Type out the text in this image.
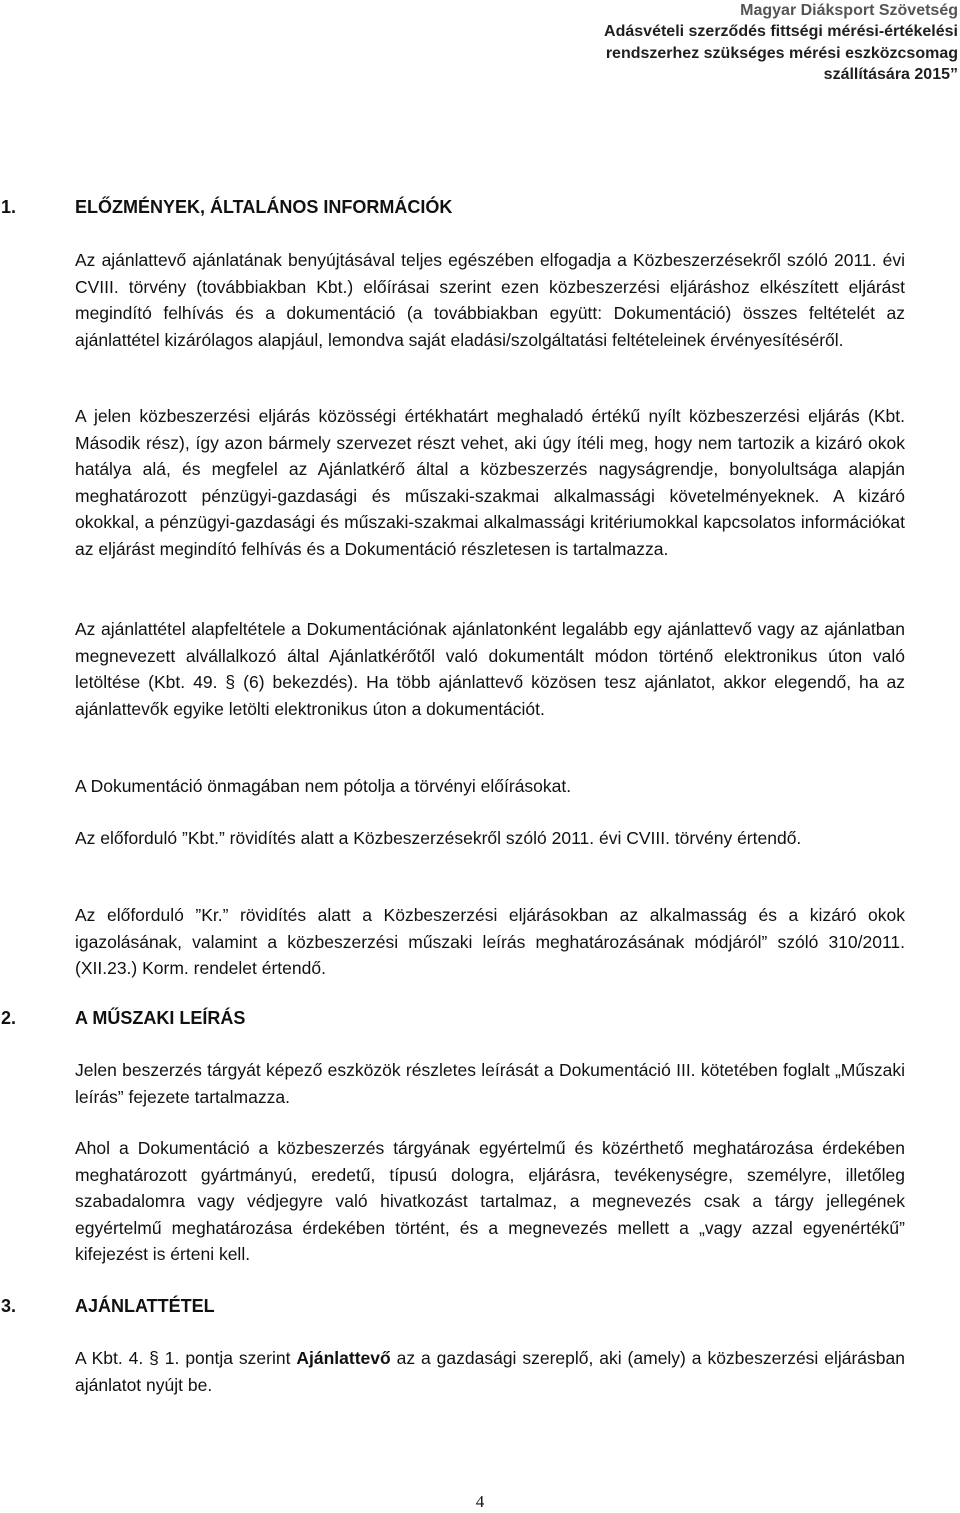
Magyar Diáksport Szövetség
Adásvételi szerződés fittségi mérési-értékelési
rendszerhez szükséges mérési eszközcsomag
szállítására 2015”
1.	ELŐZMÉNYEK, ÁLTALÁNOS INFORMÁCIÓK

Az ajánlattevő ajánlatának benyújtásával teljes egészében elfogadja a Közbeszerzésekről szóló 2011. évi CVIII. törvény (továbbiakban Kbt.) előírásai szerint ezen közbeszerzési eljáráshoz elkészített eljárást megindító felhívás és a dokumentáció (a továbbiakban együtt: Dokumentáció) összes feltételét az ajánlattétel kizárólagos alapjául, lemondva saját eladási/szolgáltatási feltételeinek érvényesítéséről.

A jelen közbeszerzési eljárás közösségi értékhatárt meghaladó értékű nyílt közbeszerzési eljárás (Kbt. Második rész), így azon bármely szervezet részt vehet, aki úgy ítéli meg, hogy nem tartozik a kizáró okok hatálya alá, és megfelel az Ajánlatkérő által a közbeszerzés nagyságrendje, bonyolultsága alapján meghatározott pénzügyi-gazdasági és műszaki-szakmai alkalmassági követelményeknek. A kizáró okokkal, a pénzügyi-gazdasági és műszaki-szakmai alkalmassági kritériumokkal kapcsolatos információkat az eljárást megindító felhívás és a Dokumentáció részletesen is tartalmazza.

Az ajánlattétel alapfeltétele a Dokumentációnak ajánlatonként legalább egy ajánlattevő vagy az ajánlatban megnevezett alvállalkozó által Ajánlatkérőtől való dokumentált módon történő elektronikus úton való letöltése (Kbt. 49. § (6) bekezdés). Ha több ajánlattevő közösen tesz ajánlatot, akkor elegendő, ha az ajánlattevők egyike letölti elektronikus úton a dokumentációt.

A Dokumentáció önmagában nem pótolja a törvényi előírásokat.

Az előforduló ”Kbt.” rövidítés alatt a Közbeszerzésekről szóló 2011. évi CVIII. törvény értendő.

Az előforduló ”Kr.” rövidítés alatt a Közbeszerzési eljárásokban az alkalmasság és a kizáró okok igazolásának, valamint a közbeszerzési műszaki leírás meghatározásának módjáról” szóló 310/2011. (XII.23.) Korm. rendelet értendő.

2.	A MŰSZAKI LEÍRÁS

Jelen beszerzés tárgyát képező eszközök részletes leírását a Dokumentáció III. kötetében foglalt „Műszaki leírás” fejezete tartalmazza.

Ahol a Dokumentáció a közbeszerzés tárgyának egyértelmű és közérthető meghatározása érdekében meghatározott gyártmányú, eredetű, típusú dologra, eljárásra, tevékenységre, személyre, illetőleg szabadalomra vagy védjegyre való hivatkozást tartalmaz, a megnevezés csak a tárgy jellegének egyértelmű meghatározása érdekében történt, és a megnevezés mellett a „vagy azzal egyenértékű” kifejezést is érteni kell.

3.	AJÁNLATTÉTEL

A Kbt. 4. § 1. pontja szerint Ajánlattevő az a gazdasági szereplő, aki (amely) a közbeszerzési eljárásban ajánlatot nyújt be.

4
